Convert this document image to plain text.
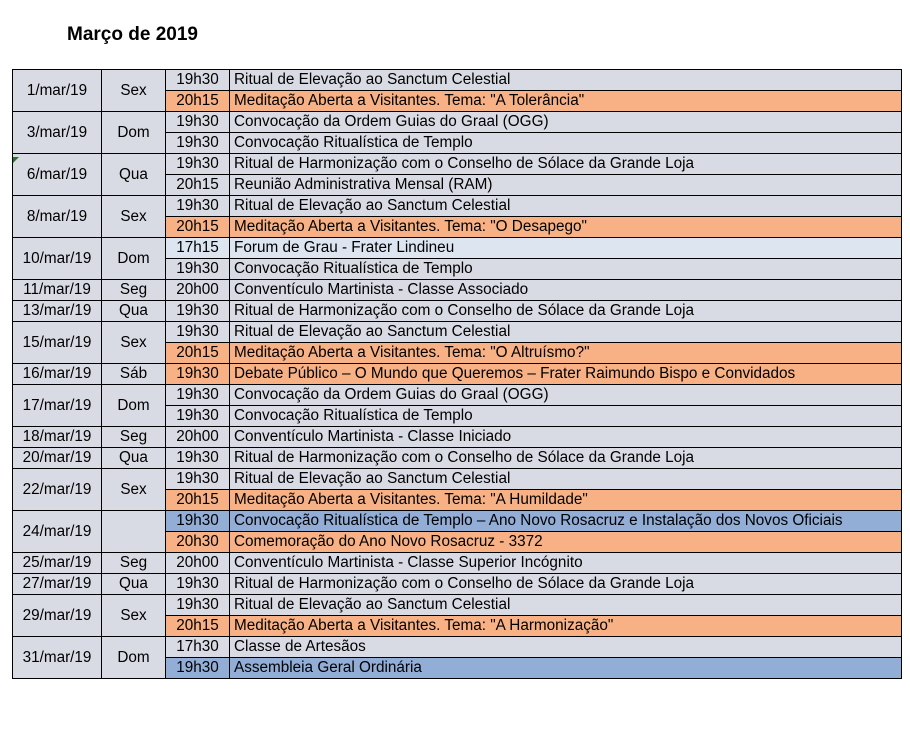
Março de 2019
1/mar/19	Sex	19h30	Ritual de Elevação ao Sanctum Celestial
		20h15	Meditação Aberta a Visitantes. Tema: "A Tolerância"
3/mar/19	Dom	19h30	Convocação da Ordem Guias do Graal (OGG)
		19h30	Convocação Ritualística de Templo
6/mar/19	Qua	19h30	Ritual de Harmonização com o Conselho de Sólace da Grande Loja
		20h15	Reunião Administrativa Mensal (RAM)
8/mar/19	Sex	19h30	Ritual de Elevação ao Sanctum Celestial
		20h15	Meditação Aberta a Visitantes. Tema: "O Desapego"
10/mar/19	Dom	17h15	Forum de Grau - Frater Lindineu
		19h30	Convocação Ritualística de Templo
11/mar/19	Seg	20h00	Conventículo Martinista - Classe Associado
13/mar/19	Qua	19h30	Ritual de Harmonização com o Conselho de Sólace da Grande Loja
15/mar/19	Sex	19h30	Ritual de Elevação ao Sanctum Celestial
		20h15	Meditação Aberta a Visitantes. Tema: "O Altruísmo?"
16/mar/19	Sáb	19h30	Debate Público – O Mundo que Queremos – Frater Raimundo Bispo e Convidados
17/mar/19	Dom	19h30	Convocação da Ordem Guias do Graal (OGG)
		19h30	Convocação Ritualística de Templo
18/mar/19	Seg	20h00	Conventículo Martinista - Classe Iniciado
20/mar/19	Qua	19h30	Ritual de Harmonização com o Conselho de Sólace da Grande Loja
22/mar/19	Sex	19h30	Ritual de Elevação ao Sanctum Celestial
		20h15	Meditação Aberta a Visitantes. Tema: "A Humildade"
24/mar/19		19h30	Convocação Ritualística de Templo – Ano Novo Rosacruz e Instalação dos Novos Oficiais
		20h30	Comemoração do Ano Novo Rosacruz - 3372
25/mar/19	Seg	20h00	Conventículo Martinista - Classe Superior Incógnito
27/mar/19	Qua	19h30	Ritual de Harmonização com o Conselho de Sólace da Grande Loja
29/mar/19	Sex	19h30	Ritual de Elevação ao Sanctum Celestial
		20h15	Meditação Aberta a Visitantes. Tema: "A Harmonização"
31/mar/19	Dom	17h30	Classe de Artesãos
		19h30	Assembleia Geral Ordinária
